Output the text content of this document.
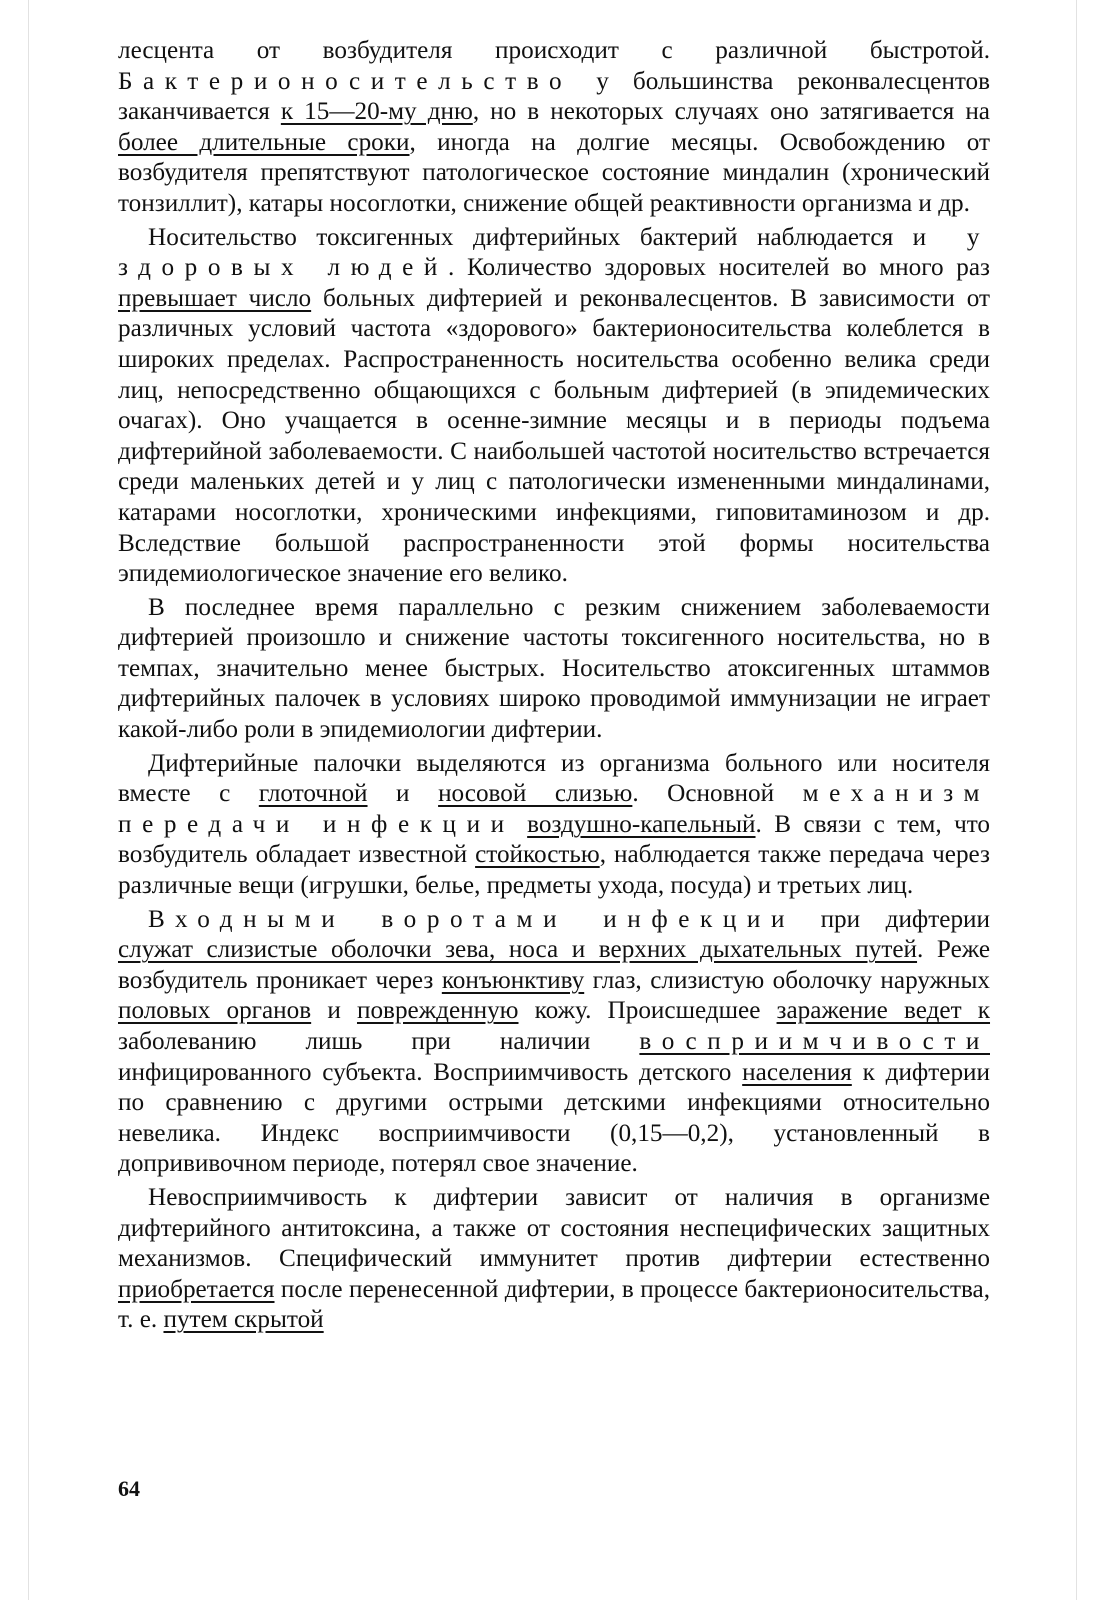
лесцента от возбудителя происходит с различной быстротой. Бактерионосительство у большинства реконвалесцентов заканчивается к 15—20-му дню, но в некоторых случаях оно затягивается на более длительные сроки, иногда на долгие месяцы. Освобождению от возбудителя препятствуют патологическое состояние миндалин (хронический тонзиллит), катары носоглотки, снижение общей реактивности организма и др.

Носительство токсигенных дифтерийных бактерий наблюдается и у здоровых людей. Количество здоровых носителей во много раз превышает число больных дифтерией и реконвалесцентов. В зависимости от различных условий частота «здорового» бактерионосительства колеблется в широких пределах. Распространенность носительства особенно велика среди лиц, непосредственно общающихся с больным дифтерией (в эпидемических очагах). Оно учащается в осенне-зимние месяцы и в периоды подъема дифтерийной заболеваемости. С наибольшей частотой носительство встречается среди маленьких детей и у лиц с патологически измененными миндалинами, катарами носоглотки, хроническими инфекциями, гиповитаминозом и др. Вследствие большой распространенности этой формы носительства эпидемиологическое значение его велико.

В последнее время параллельно с резким снижением заболеваемости дифтерией произошло и снижение частоты токсигенного носительства, но в темпах, значительно менее быстрых. Носительство атоксигенных штаммов дифтерийных палочек в условиях широко проводимой иммунизации не играет какой-либо роли в эпидемиологии дифтерии.

Дифтерийные палочки выделяются из организма больного или носителя вместе с глоточной и носовой слизью. Основной механизм передачи инфекции воздушно-капельный. В связи с тем, что возбудитель обладает известной стойкостью, наблюдается также передача через различные вещи (игрушки, белье, предметы ухода, посуда) и третьих лиц.

Входными воротами инфекции при дифтерии служат слизистые оболочки зева, носа и верхних дыхательных путей. Реже возбудитель проникает через конъюнктиву глаз, слизистую оболочку наружных половых органов и поврежденную кожу. Происшедшее заражение ведет к заболеванию лишь при наличии восприимчивости инфицированного субъекта. Восприимчивость детского населения к дифтерии по сравнению с другими острыми детскими инфекциями относительно невелика. Индекс восприимчивости (0,15—0,2), установленный в допрививочном периоде, потерял свое значение.

Невосприимчивость к дифтерии зависит от наличия в организме дифтерийного антитоксина, а также от состояния неспецифических защитных механизмов. Специфический иммунитет против дифтерии естественно приобретается после перенесенной дифтерии, в процессе бактерионосительства, т. е. путем скрытой

64
